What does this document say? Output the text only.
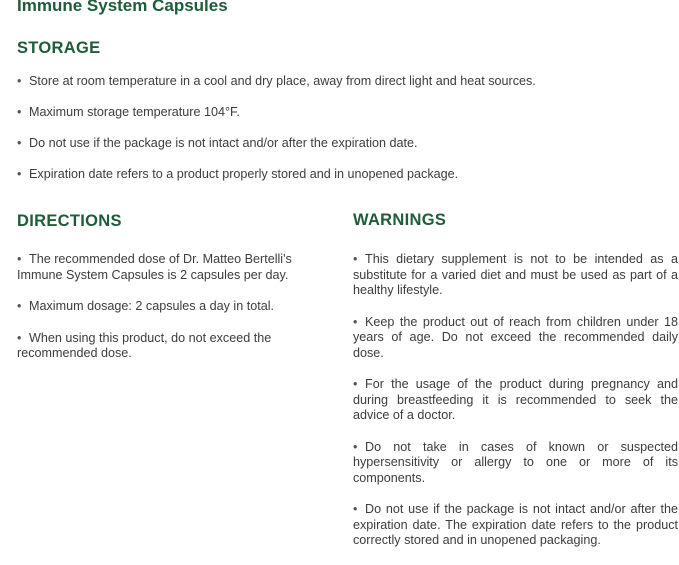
Immune System Capsules
STORAGE
• Store at room temperature in a cool and dry place, away from direct light and heat sources.
• Maximum storage temperature 104°F.
• Do not use if the package is not intact and/or after the expiration date.
• Expiration date refers to a product properly stored and in unopened package.
DIRECTIONS
• The recommended dose of Dr. Matteo Bertelli's Immune System Capsules is 2 capsules per day.
• Maximum dosage: 2 capsules a day in total.
• When using this product, do not exceed the recommended dose.
WARNINGS
• This dietary supplement is not to be intended as a substitute for a varied diet and must be used as part of a healthy lifestyle.
• Keep the product out of reach from children under 18 years of age. Do not exceed the recommended daily dose.
• For the usage of the product during pregnancy and during breastfeeding it is recommended to seek the advice of a doctor.
• Do not take in cases of known or suspected hypersensitivity or allergy to one or more of its components.
• Do not use if the package is not intact and/or after the expiration date. The expiration date refers to the product correctly stored and in unopened packaging.
